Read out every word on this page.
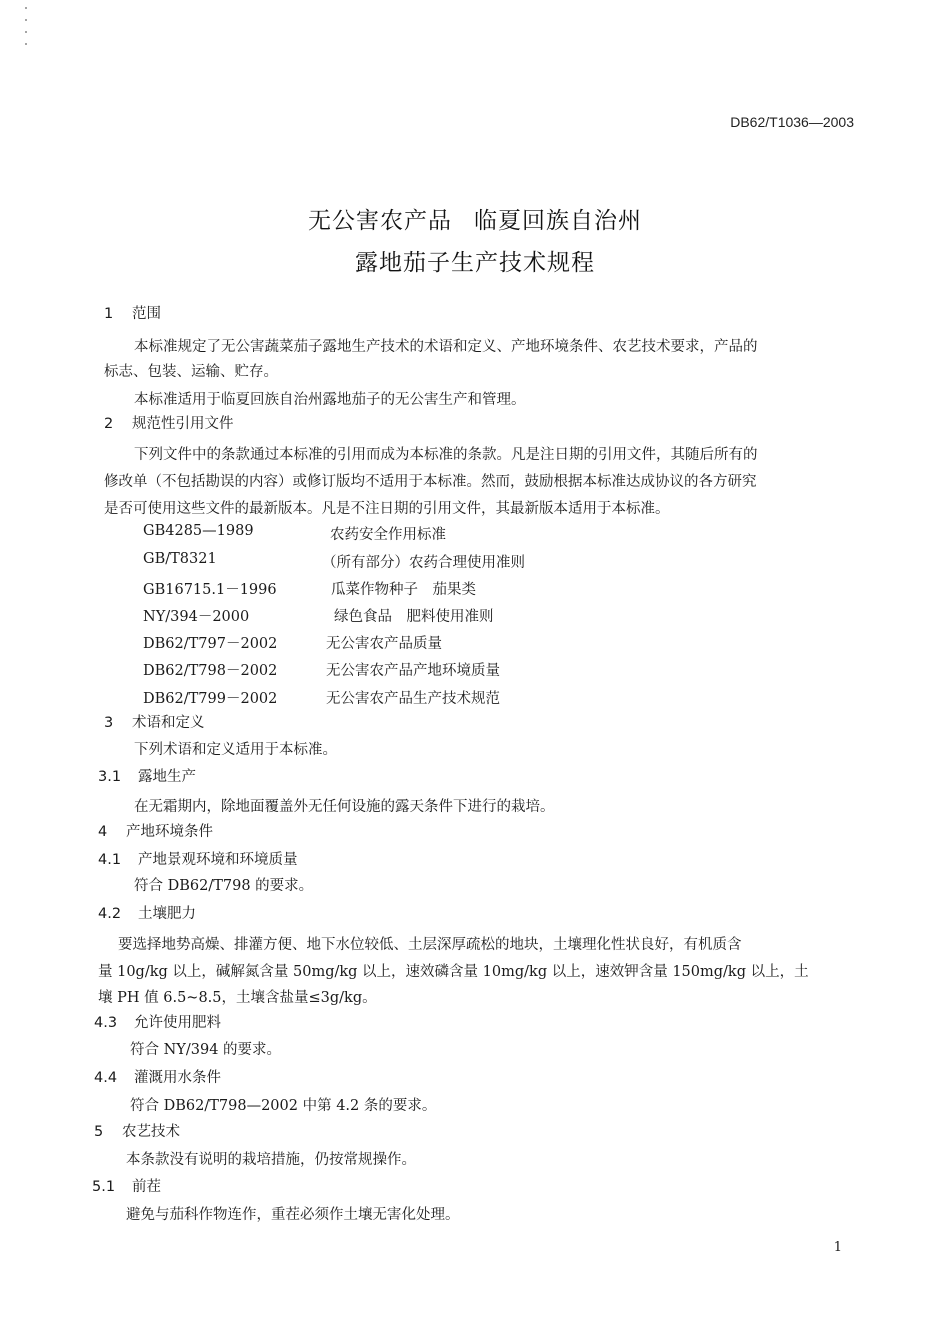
DB62/T1036—2003
无公害农产品 临夏回族自治州
露地茄子生产技术规程
1 范围
本标准规定了无公害蔬菜茄子露地生产技术的术语和定义、产地环境条件、农艺技术要求，产品的
标志、包装、运输、贮存。
本标准适用于临夏回族自治州露地茄子的无公害生产和管理。
2 规范性引用文件
下列文件中的条款通过本标准的引用而成为本标准的条款。凡是注日期的引用文件，其随后所有的
修改单（不包括勘误的内容）或修订版均不适用于本标准。然而，鼓励根据本标准达成协议的各方研究
是否可使用这些文件的最新版本。凡是不注日期的引用文件，其最新版本适用于本标准。
GB4285—1989	农药安全作用标准
GB/T8321	（所有部分）农药合理使用准则
GB16715.1－1996	瓜菜作物种子　茄果类
NY/394－2000	绿色食品　肥料使用准则
DB62/T797－2002	无公害农产品质量
DB62/T798－2002	无公害农产品产地环境质量
DB62/T799－2002	无公害农产品生产技术规范
3 术语和定义
下列术语和定义适用于本标准。
3.1 露地生产
在无霜期内，除地面覆盖外无任何设施的露天条件下进行的栽培。
4 产地环境条件
4.1 产地景观环境和环境质量
符合 DB62/T798 的要求。
4.2 土壤肥力
要选择地势高燥、排灌方便、地下水位较低、土层深厚疏松的地块，土壤理化性状良好，有机质含
量 10g/kg 以上，碱解氮含量 50mg/kg 以上，速效磷含量 10mg/kg 以上，速效钾含量 150mg/kg 以上，土
壤 PH 值 6.5~8.5，土壤含盐量≤3g/kg。
4.3 允许使用肥料
符合 NY/394 的要求。
4.4 灌溉用水条件
符合 DB62/T798—2002 中第 4.2 条的要求。
5 农艺技术
本条款没有说明的栽培措施，仍按常规操作。
5.1 前茬
避免与茄科作物连作，重茬必须作土壤无害化处理。
1
